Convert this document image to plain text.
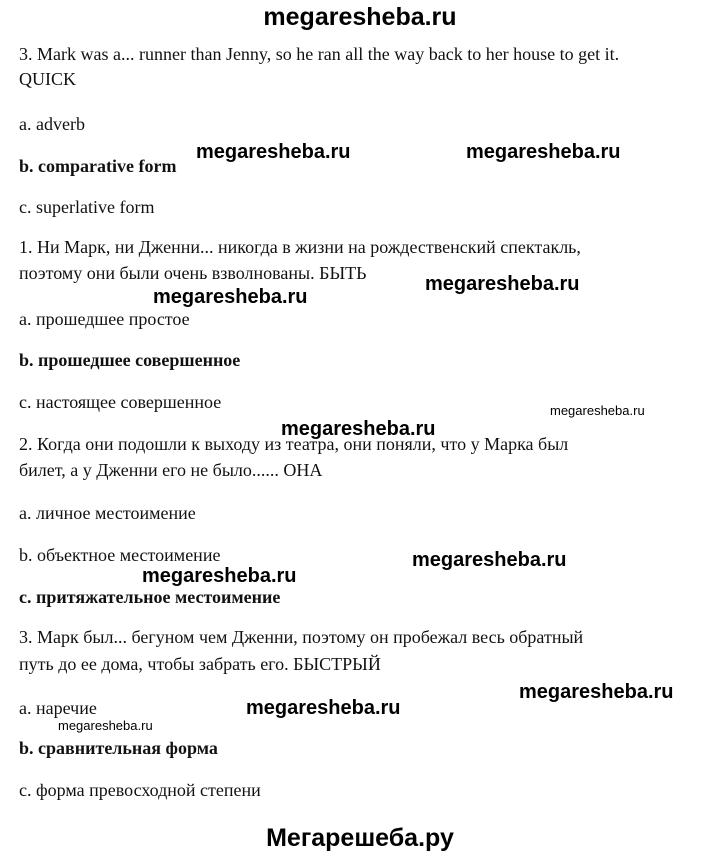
megaresheba.ru
3. Mark was a... runner than Jenny, so he ran all the way back to her house to get it.
QUICK
a. adverb
b. comparative form
c. superlative form
1. Ни Марк, ни Дженни... никогда в жизни на рождественский спектакль,
поэтому они были очень взволнованы. БЫТЬ
a. прошедшее простое
b. прошедшее совершенное
c. настоящее совершенное
2. Когда они подошли к выходу из театра, они поняли, что у Марка был
билет, а у Дженни его не было...... ОНА
a. личное местоимение
b. объектное местоимение
c. притяжательное местоимение
3. Марк был... бегуном чем Дженни, поэтому он пробежал весь обратный
путь до ее дома, чтобы забрать его. БЫСТРЫЙ
a. наречие
b. сравнительная форма
c. форма превосходной степени
megaresheba.ru	megaresheba.ru
megaresheba.ru
megaresheba.ru
megaresheba.ru
megaresheba.ru
megaresheba.ru
megaresheba.ru
megaresheba.ru
megaresheba.ru
megaresheba.ru
Мегарешеба.ру
